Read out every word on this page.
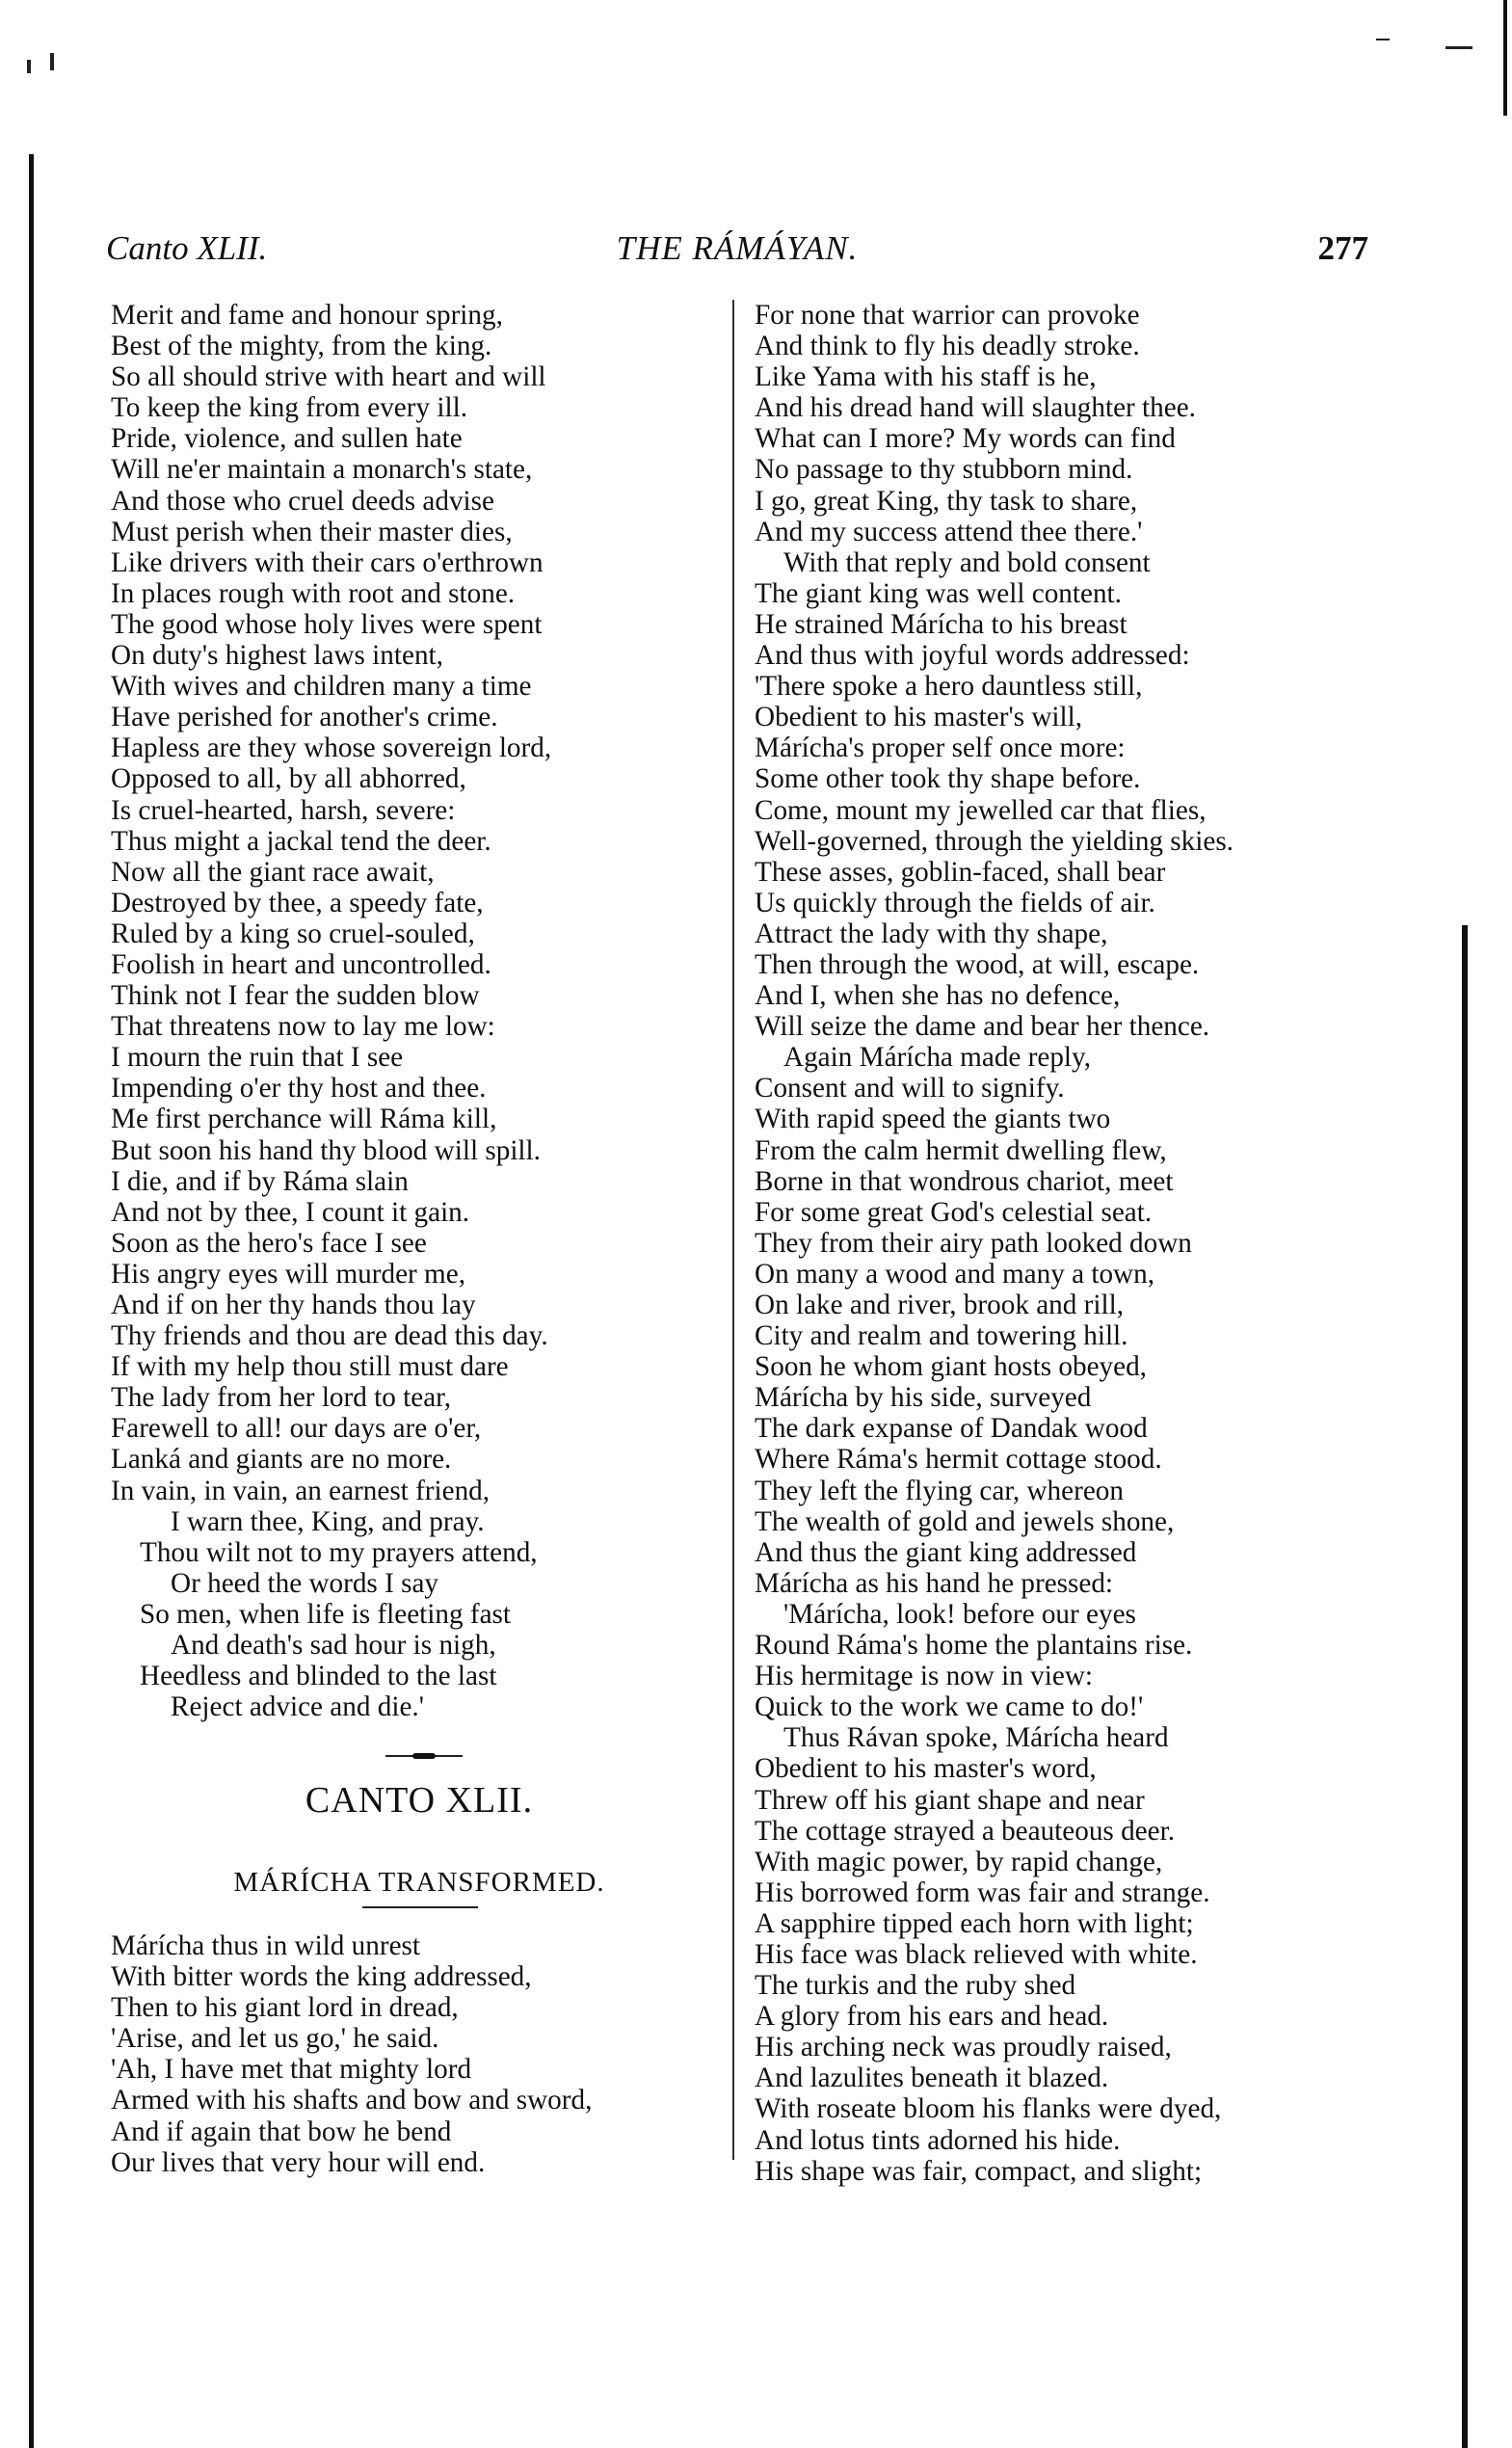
Canto XLII.	THE RÁMÁYAN.	277
Merit and fame and honour spring,
Best of the mighty, from the king.
So all should strive with heart and will
To keep the king from every ill.
Pride, violence, and sullen hate
Will ne'er maintain a monarch's state,
And those who cruel deeds advise
Must perish when their master dies,
Like drivers with their cars o'erthrown
In places rough with root and stone.
The good whose holy lives were spent
On duty's highest laws intent,
With wives and children many a time
Have perished for another's crime.
Hapless are they whose sovereign lord,
Opposed to all, by all abhorred,
Is cruel-hearted, harsh, severe:
Thus might a jackal tend the deer.
Now all the giant race await,
Destroyed by thee, a speedy fate,
Ruled by a king so cruel-souled,
Foolish in heart and uncontrolled.
Think not I fear the sudden blow
That threatens now to lay me low:
I mourn the ruin that I see
Impending o'er thy host and thee.
Me first perchance will Ráma kill,
But soon his hand thy blood will spill.
I die, and if by Ráma slain
And not by thee, I count it gain.
Soon as the hero's face I see
His angry eyes will murder me,
And if on her thy hands thou lay
Thy friends and thou are dead this day.
If with my help thou still must dare
The lady from her lord to tear,
Farewell to all! our days are o'er,
Lanká and giants are no more.
In vain, in vain, an earnest friend,
I warn thee, King, and pray.
Thou wilt not to my prayers attend,
Or heed the words I say
So men, when life is fleeting fast
And death's sad hour is nigh,
Heedless and blinded to the last
Reject advice and die.'
CANTO XLII.
MÁRÍCHA TRANSFORMED.
Márícha thus in wild unrest
With bitter words the king addressed,
Then to his giant lord in dread,
'Arise, and let us go,' he said.
'Ah, I have met that mighty lord
Armed with his shafts and bow and sword,
And if again that bow he bend
Our lives that very hour will end.
For none that warrior can provoke
And think to fly his deadly stroke.
Like Yama with his staff is he,
And his dread hand will slaughter thee.
What can I more? My words can find
No passage to thy stubborn mind.
I go, great King, thy task to share,
And my success attend thee there.'
With that reply and bold consent
The giant king was well content.
He strained Márícha to his breast
And thus with joyful words addressed:
'There spoke a hero dauntless still,
Obedient to his master's will,
Márícha's proper self once more:
Some other took thy shape before.
Come, mount my jewelled car that flies,
Well-governed, through the yielding skies.
These asses, goblin-faced, shall bear
Us quickly through the fields of air.
Attract the lady with thy shape,
Then through the wood, at will, escape.
And I, when she has no defence,
Will seize the dame and bear her thence.
Again Márícha made reply,
Consent and will to signify.
With rapid speed the giants two
From the calm hermit dwelling flew,
Borne in that wondrous chariot, meet
For some great God's celestial seat.
They from their airy path looked down
On many a wood and many a town,
On lake and river, brook and rill,
City and realm and towering hill.
Soon he whom giant hosts obeyed,
Márícha by his side, surveyed
The dark expanse of Dandak wood
Where Ráma's hermit cottage stood.
They left the flying car, whereon
The wealth of gold and jewels shone,
And thus the giant king addressed
Márícha as his hand he pressed:
'Márícha, look! before our eyes
Round Ráma's home the plantains rise.
His hermitage is now in view:
Quick to the work we came to do!'
Thus Rávan spoke, Márícha heard
Obedient to his master's word,
Threw off his giant shape and near
The cottage strayed a beauteous deer.
With magic power, by rapid change,
His borrowed form was fair and strange.
A sapphire tipped each horn with light;
His face was black relieved with white.
The turkis and the ruby shed
A glory from his ears and head.
His arching neck was proudly raised,
And lazulites beneath it blazed.
With roseate bloom his flanks were dyed,
And lotus tints adorned his hide.
His shape was fair, compact, and slight;
